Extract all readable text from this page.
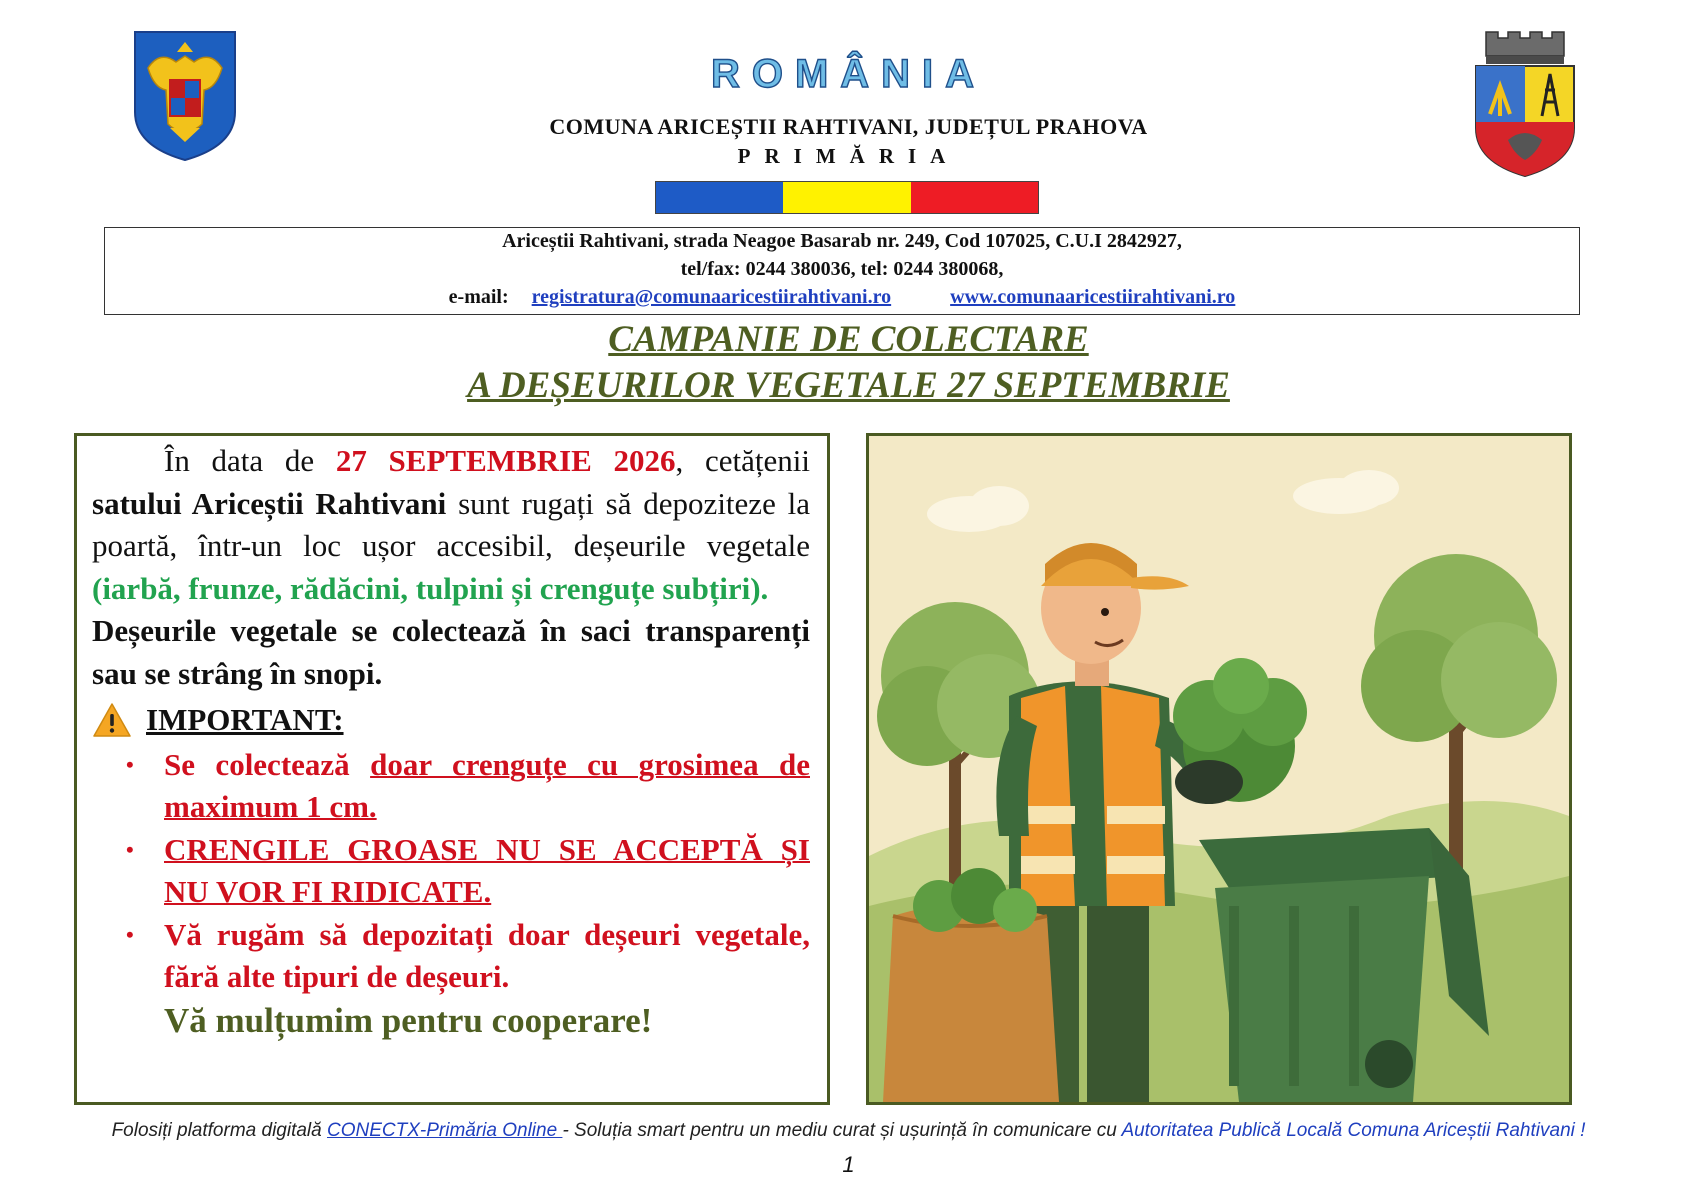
ROMÂNIA
COMUNA ARICEȘTII RAHTIVANI, JUDEȚUL PRAHOVA
PRIMĂRIA
Ariceștii Rahtivani, strada Neagoe Basarab nr. 249, Cod 107025, C.U.I 2842927,
tel/fax: 0244 380036, tel: 0244 380068,
e-mail: registratura@comunaaricestiirahtivani.ro	www.comunaaricestiirahtivani.ro
CAMPANIE DE COLECTARE
A DEȘEURILOR VEGETALE 27 SEPTEMBRIE

În data de 27 SEPTEMBRIE 2026, cetățenii satului Ariceștii Rahtivani sunt rugați să depoziteze la poartă, într-un loc ușor accesibil, deșeurile vegetale (iarbă, frunze, rădăcini, tulpini și crenguțe subțiri).

Deșeurile vegetale se colectează în saci transparenți sau se strâng în snopi.

IMPORTANT:
• Se colectează doar crenguțe cu grosimea de maximum 1 cm.
• CRENGILE GROASE NU SE ACCEPTĂ ȘI NU VOR FI RIDICATE.
• Vă rugăm să depozitați doar deșeuri vegetale, fără alte tipuri de deșeuri.
Vă mulțumim pentru cooperare!
Folosiți platforma digitală CONECTX-Primăria Online - Soluția smart pentru un mediu curat și ușurință în comunicare cu Autoritatea Publică Locală Comuna Ariceștii Rahtivani !
1
